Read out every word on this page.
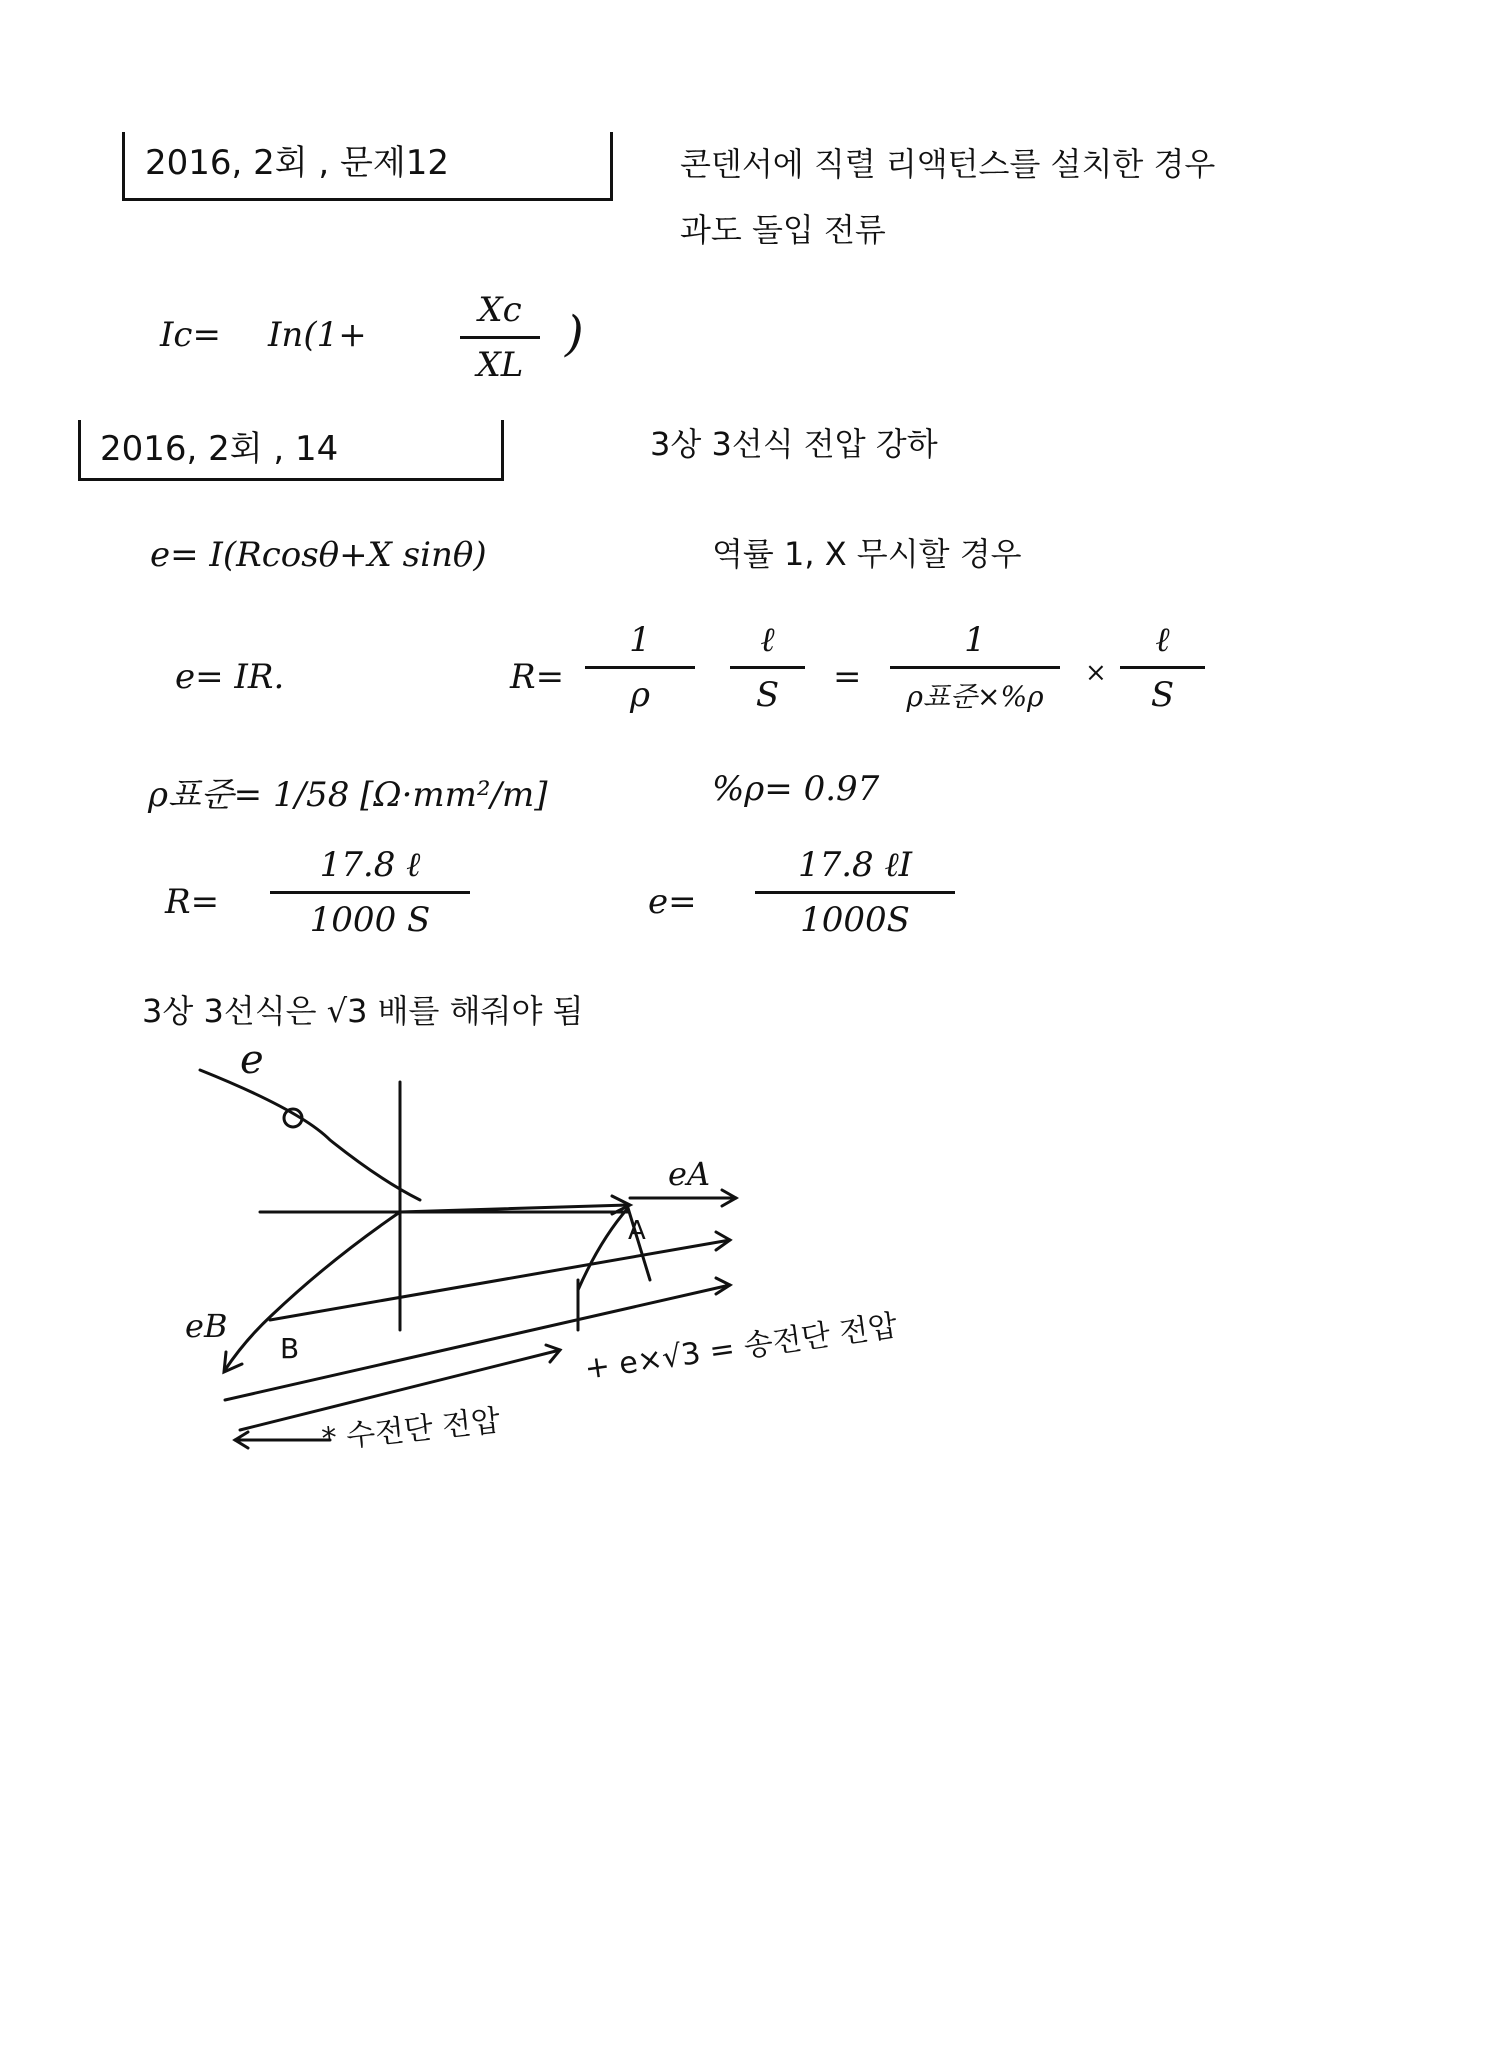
2016, 2회 , 문제12	콘덴서에 직렬 리액턴스를 설치한 경우
과도 돌입 전류
Ic= In(1+
Xc
XL
)
2016, 2회 , 14	3상 3선식 전압 강하
e= I(Rcosθ+X sinθ)	역률 1, X 무시할 경우
e= IR.	R=
1
ρ
ℓ
S	=
1
ρ표준×%ρ
×
ℓ
S
ρ표준= 1/58 [Ω·mm²/m]	%ρ= 0.97
R=
17.8 ℓ
1000 S	e=
17.8 ℓI
1000S
3상 3선식은 √3 배를 해줘야 됨
e
eA
eB
A
B	+ e×√3 = 송전단 전압
* 수전단 전압
